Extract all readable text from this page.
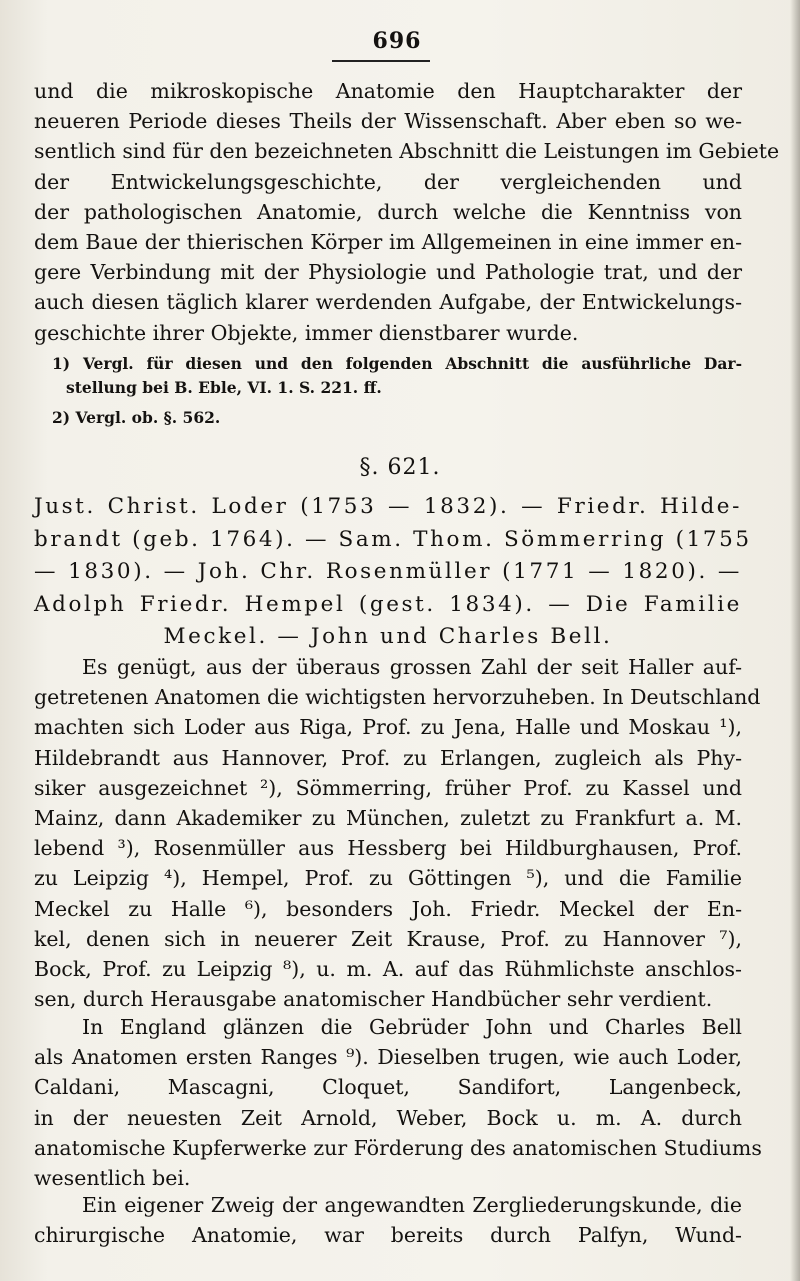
696
und die mikroskopische Anatomie den Hauptcharakter der
neueren Periode dieses Theils der Wissenschaft. Aber eben so we-
sentlich sind für den bezeichneten Abschnitt die Leistungen im Gebiete
der Entwickelungsgeschichte, der vergleichenden und
der pathologischen Anatomie, durch welche die Kenntniss von
dem Baue der thierischen Körper im Allgemeinen in eine immer en-
gere Verbindung mit der Physiologie und Pathologie trat, und der
auch diesen täglich klarer werdenden Aufgabe, der Entwickelungs-
geschichte ihrer Objekte, immer dienstbarer wurde.
1) Vergl. für diesen und den folgenden Abschnitt die ausführliche Dar-
stellung bei B. Eble, VI. 1. S. 221. ff.
2) Vergl. ob. §. 562.
§. 621.
Just. Christ. Loder (1753 — 1832). — Friedr. Hilde-
brandt (geb. 1764). — Sam. Thom. Sömmerring (1755
— 1830). — Joh. Chr. Rosenmüller (1771 — 1820). —
Adolph Friedr. Hempel (gest. 1834). — Die Familie
Meckel. — John und Charles Bell.
Es genügt, aus der überaus grossen Zahl der seit Haller auf-
getretenen Anatomen die wichtigsten hervorzuheben. In Deutschland
machten sich Loder aus Riga, Prof. zu Jena, Halle und Moskau ¹),
Hildebrandt aus Hannover, Prof. zu Erlangen, zugleich als Phy-
siker ausgezeichnet ²), Sömmerring, früher Prof. zu Kassel und
Mainz, dann Akademiker zu München, zuletzt zu Frankfurt a. M.
lebend ³), Rosenmüller aus Hessberg bei Hildburghausen, Prof.
zu Leipzig ⁴), Hempel, Prof. zu Göttingen ⁵), und die Familie
Meckel zu Halle ⁶), besonders Joh. Friedr. Meckel der En-
kel, denen sich in neuerer Zeit Krause, Prof. zu Hannover ⁷),
Bock, Prof. zu Leipzig ⁸), u. m. A. auf das Rühmlichste anschlos-
sen, durch Herausgabe anatomischer Handbücher sehr verdient.
In England glänzen die Gebrüder John und Charles Bell
als Anatomen ersten Ranges ⁹). Dieselben trugen, wie auch Loder,
Caldani, Mascagni, Cloquet, Sandifort, Langenbeck,
in der neuesten Zeit Arnold, Weber, Bock u. m. A. durch
anatomische Kupferwerke zur Förderung des anatomischen Studiums
wesentlich bei.
Ein eigener Zweig der angewandten Zergliederungskunde, die
chirurgische Anatomie, war bereits durch Palfyn, Wund-
